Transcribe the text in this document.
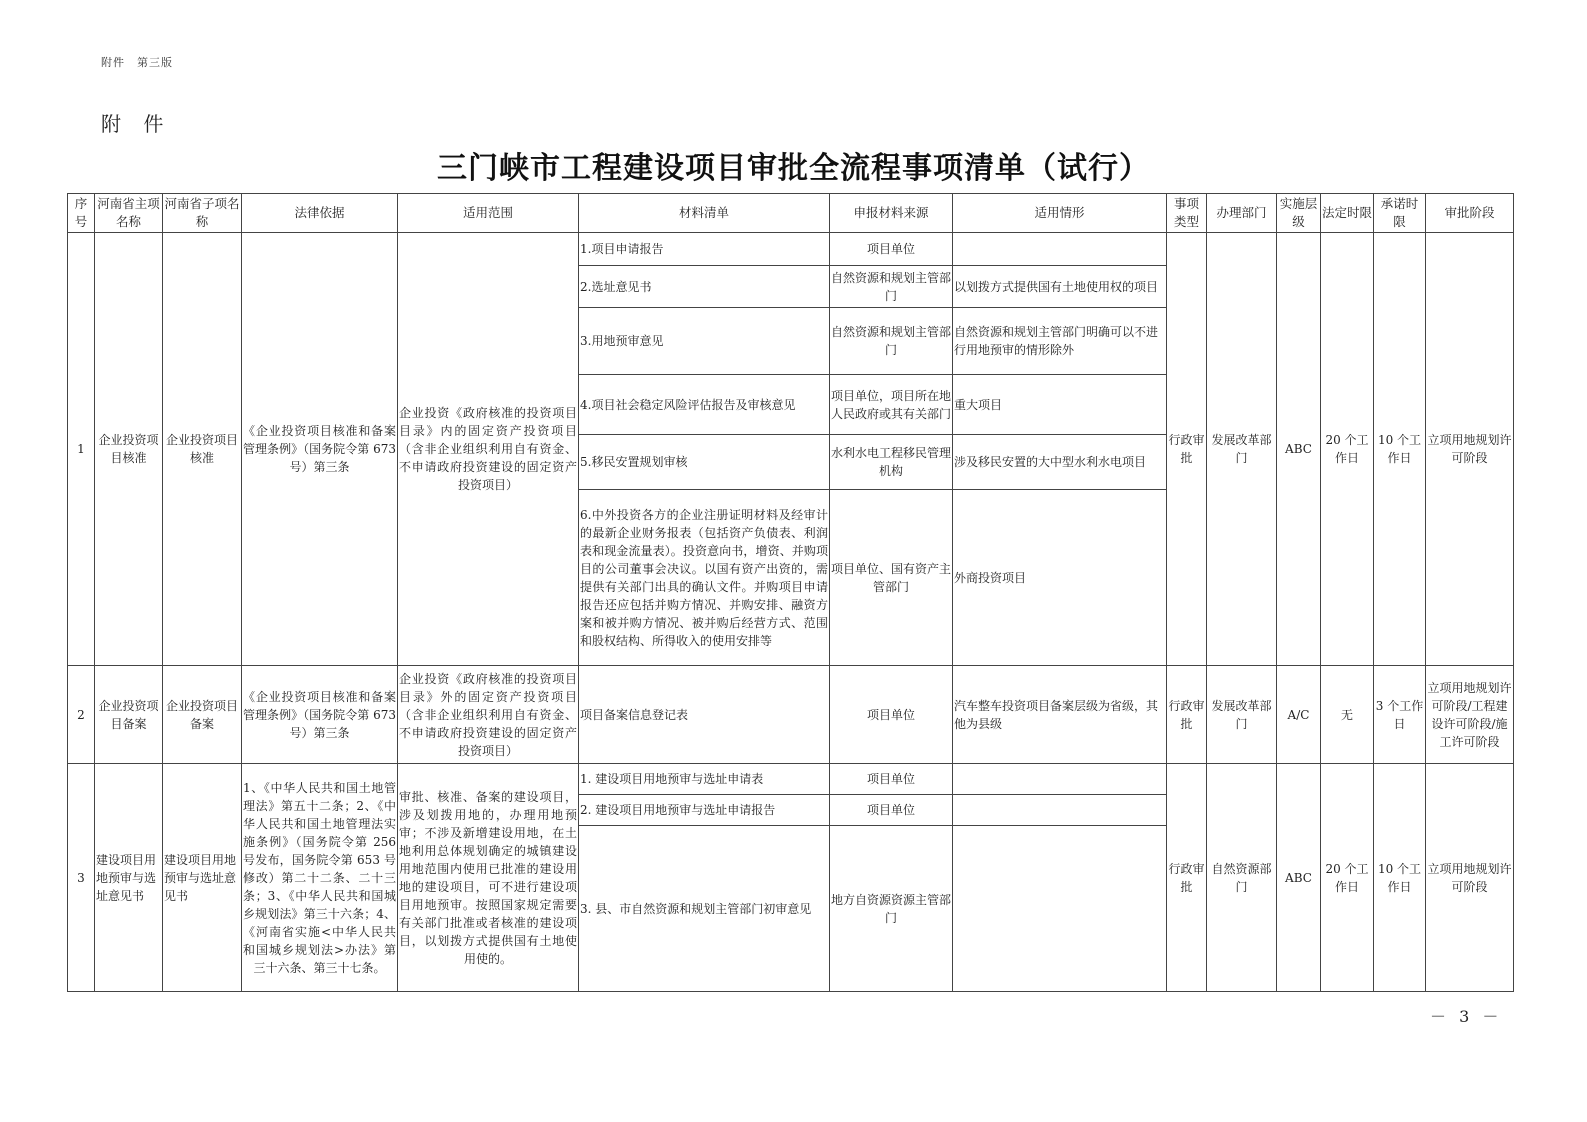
附件　第三版
附 件
三门峡市工程建设项目审批全流程事项清单（试行）
序号	河南省主项名称	河南省子项名称	法律依据	适用范围	材料清单	申报材料来源	适用情形	事项类型	办理部门	实施层级	法定时限	承诺时限	审批阶段
1	企业投资项目核准	企业投资项目核准	《企业投资项目核准和备案管理条例》（国务院令第 673 号）第三条	企业投资《政府核准的投资项目目录》内的固定资产投资项目（含非企业组织利用自有资金、不申请政府投资建设的固定资产投资项目）	1.项目申请报告	项目单位		行政审批	发展改革部门	ABC	20 个工作日	10 个工作日	立项用地规划许可阶段
					2.选址意见书	自然资源和规划主管部门	以划拨方式提供国有土地使用权的项目						
					3.用地预审意见	自然资源和规划主管部门	自然资源和规划主管部门明确可以不进行用地预审的情形除外						
					4.项目社会稳定风险评估报告及审核意见	项目单位，项目所在地人民政府或其有关部门	重大项目						
					5.移民安置规划审核	水利水电工程移民管理机构	涉及移民安置的大中型水利水电项目						
					6.中外投资各方的企业注册证明材料及经审计的最新企业财务报表（包括资产负债表、利润表和现金流量表）。投资意向书，增资、并购项目的公司董事会决议。以国有资产出资的，需提供有关部门出具的确认文件。并购项目申请报告还应包括并购方情况、并购安排、融资方案和被并购方情况、被并购后经营方式、范围和股权结构、所得收入的使用安排等	项目单位、国有资产主管部门	外商投资项目						
2	企业投资项目备案	企业投资项目备案	《企业投资项目核准和备案管理条例》（国务院令第 673 号）第三条	企业投资《政府核准的投资项目目录》外的固定资产投资项目（含非企业组织利用自有资金、不申请政府投资建设的固定资产投资项目）	项目备案信息登记表	项目单位	汽车整车投资项目备案层级为省级，其他为县级	行政审批	发展改革部门	A/C	无	3 个工作日	立项用地规划许可阶段/工程建设许可阶段/施工许可阶段
3	建设项目用地预审与选址意见书	建设项目用地预审与选址意见书	1、《中华人民共和国土地管理法》第五十二条；2、《中华人民共和国土地管理法实施条例》（国务院令第 256 号发布，国务院令第 653 号修改）第二十二条、二十三条；3、《中华人民共和国城乡规划法》第三十六条；4、《河南省实施<中华人民共和国城乡规划法>办法》第三十六条、第三十七条。	审批、核准、备案的建设项目，涉及划拨用地的，办理用地预审；不涉及新增建设用地，在土地利用总体规划确定的城镇建设用地范围内使用已批准的建设用地的建设项目，可不进行建设项目用地预审。按照国家规定需要有关部门批准或者核准的建设项目，以划拨方式提供国有土地使用使的。	1. 建设项目用地预审与选址申请表	项目单位		行政审批	自然资源部门	ABC	20 个工作日	10 个工作日	立项用地规划许可阶段
					2. 建设项目用地预审与选址申请报告	项目单位							
					3. 县、市自然资源和规划主管部门初审意见	地方自资源资源主管部门							
－ 3 －
